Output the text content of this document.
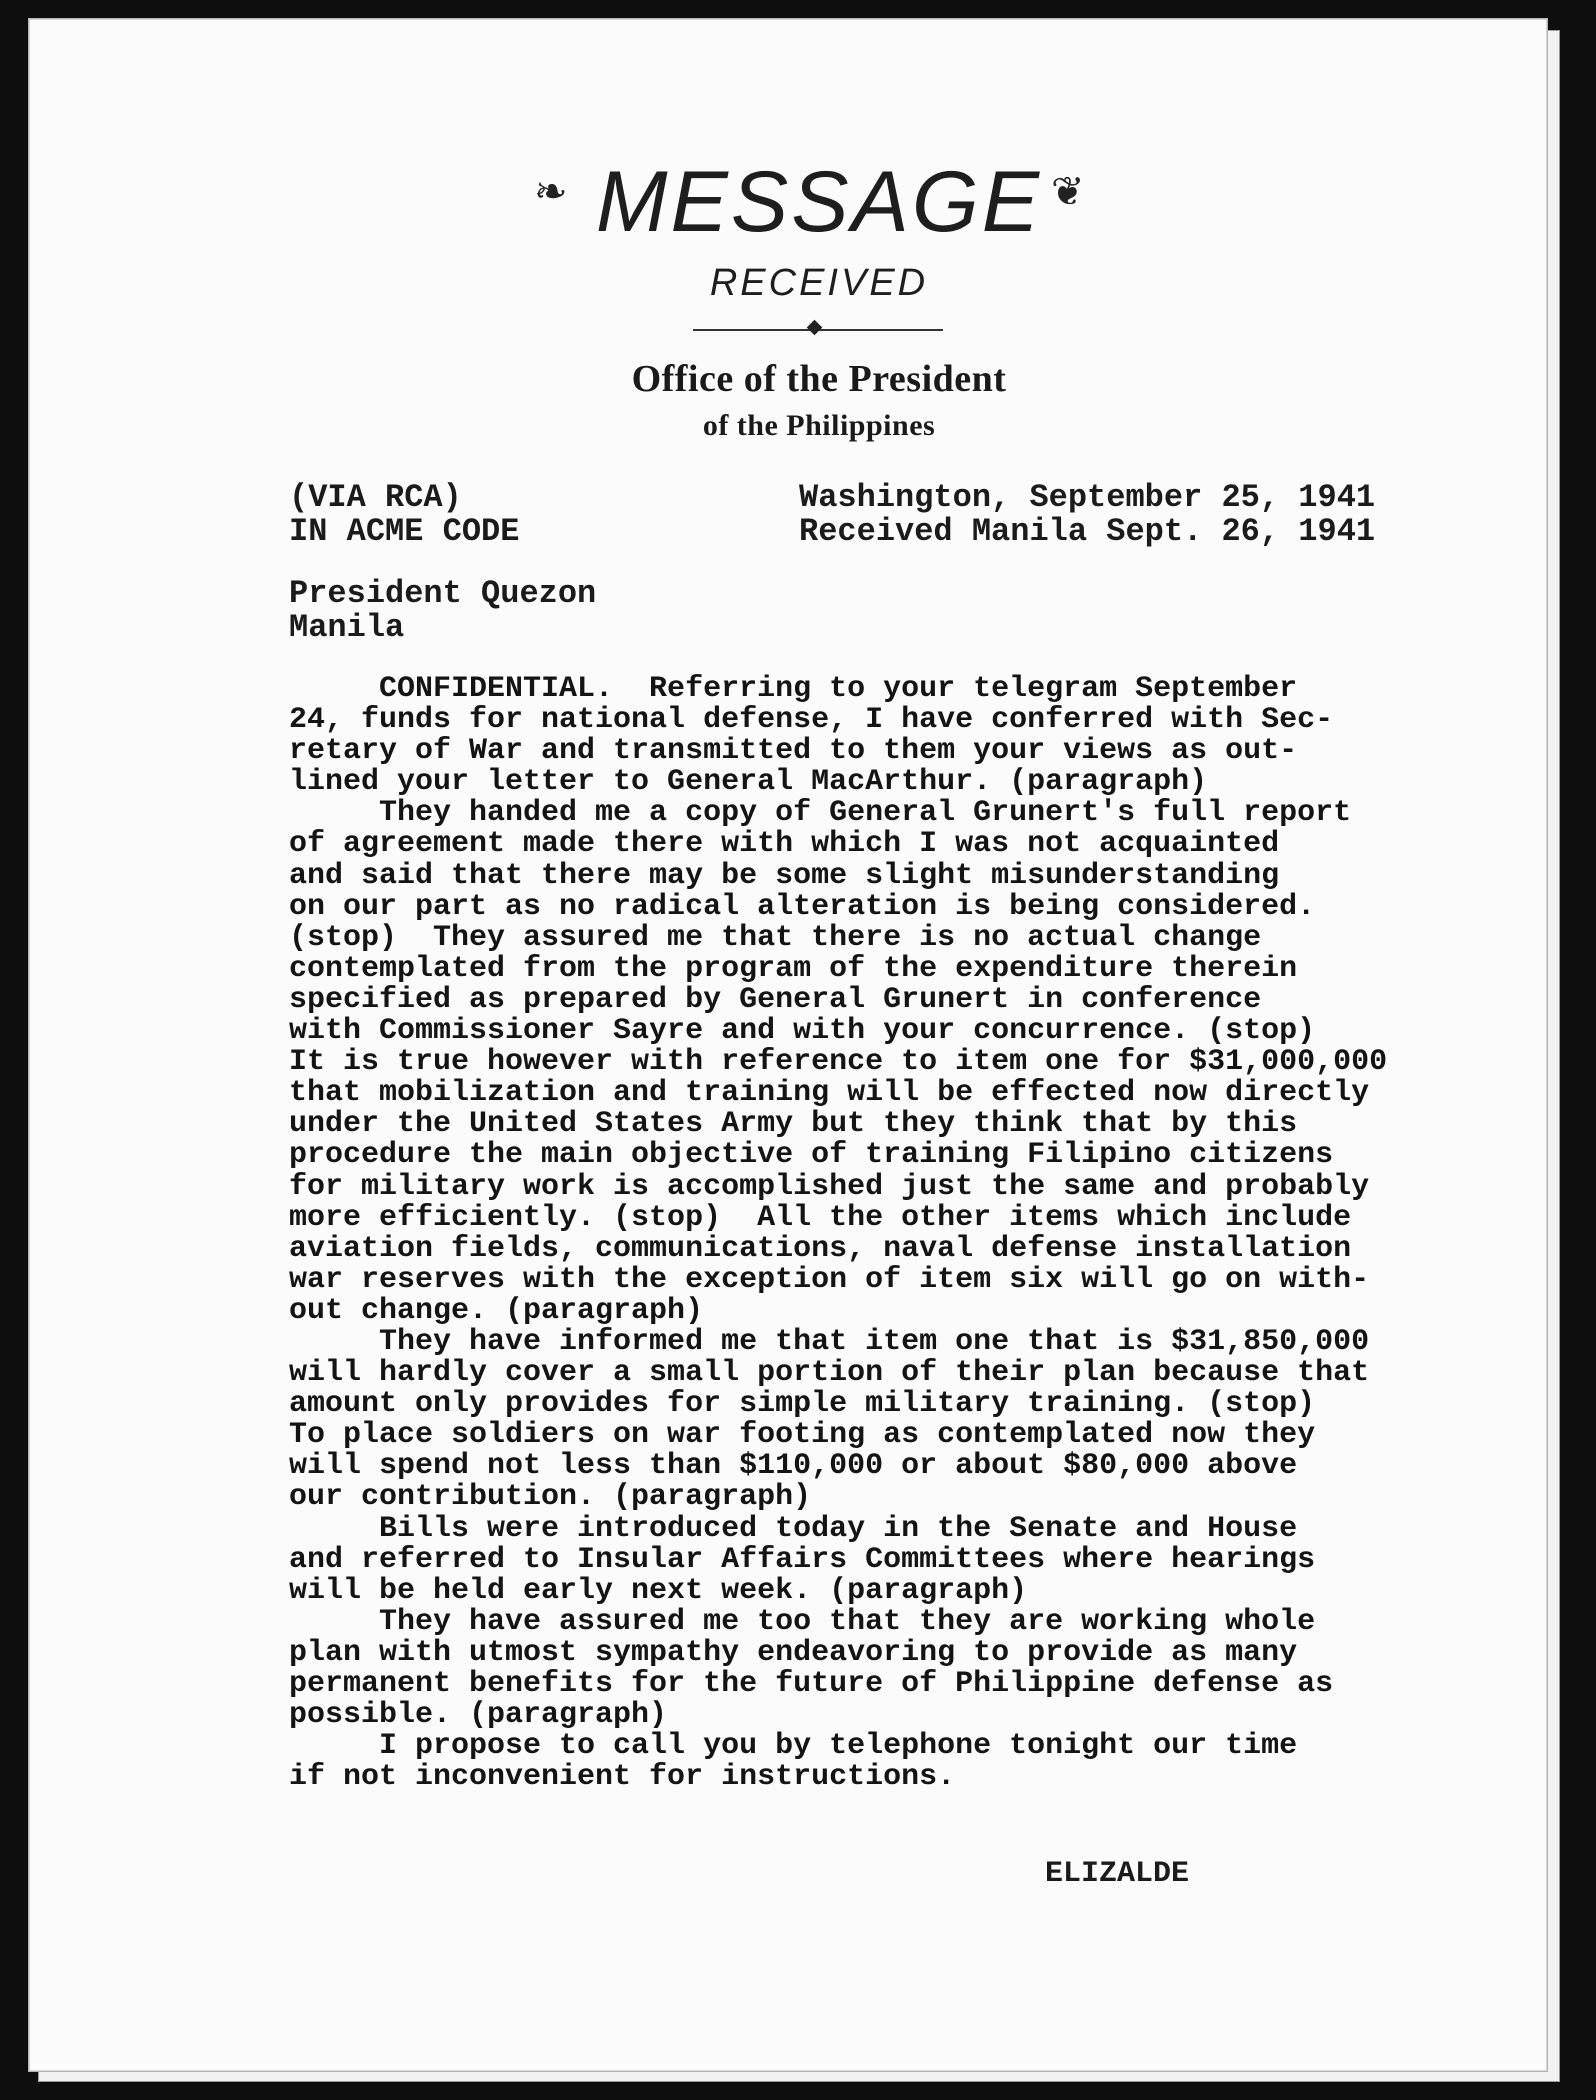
❧ MESSAGE ❦
RECEIVED
Office of the President
of the Philippines
(VIA RCA)
IN ACME CODE
Washington, September 25, 1941
Received Manila Sept. 26, 1941
President Quezon
Manila
CONFIDENTIAL.  Referring to your telegram September
24, funds for national defense, I have conferred with Sec-
retary of War and transmitted to them your views as out-
lined your letter to General MacArthur. (paragraph)
They handed me a copy of General Grunert's full report
of agreement made there with which I was not acquainted
and said that there may be some slight misunderstanding
on our part as no radical alteration is being considered.
(stop)  They assured me that there is no actual change
contemplated from the program of the expenditure therein
specified as prepared by General Grunert in conference
with Commissioner Sayre and with your concurrence. (stop)
It is true however with reference to item one for $31,000,000
that mobilization and training will be effected now directly
under the United States Army but they think that by this
procedure the main objective of training Filipino citizens
for military work is accomplished just the same and probably
more efficiently. (stop)  All the other items which include
aviation fields, communications, naval defense installation
war reserves with the exception of item six will go on with-
out change. (paragraph)
They have informed me that item one that is $31,850,000
will hardly cover a small portion of their plan because that
amount only provides for simple military training. (stop)
To place soldiers on war footing as contemplated now they
will spend not less than $110,000 or about $80,000 above
our contribution. (paragraph)
Bills were introduced today in the Senate and House
and referred to Insular Affairs Committees where hearings
will be held early next week. (paragraph)
They have assured me too that they are working whole
plan with utmost sympathy endeavoring to provide as many
permanent benefits for the future of Philippine defense as
possible. (paragraph)
I propose to call you by telephone tonight our time
if not inconvenient for instructions.
ELIZALDE
